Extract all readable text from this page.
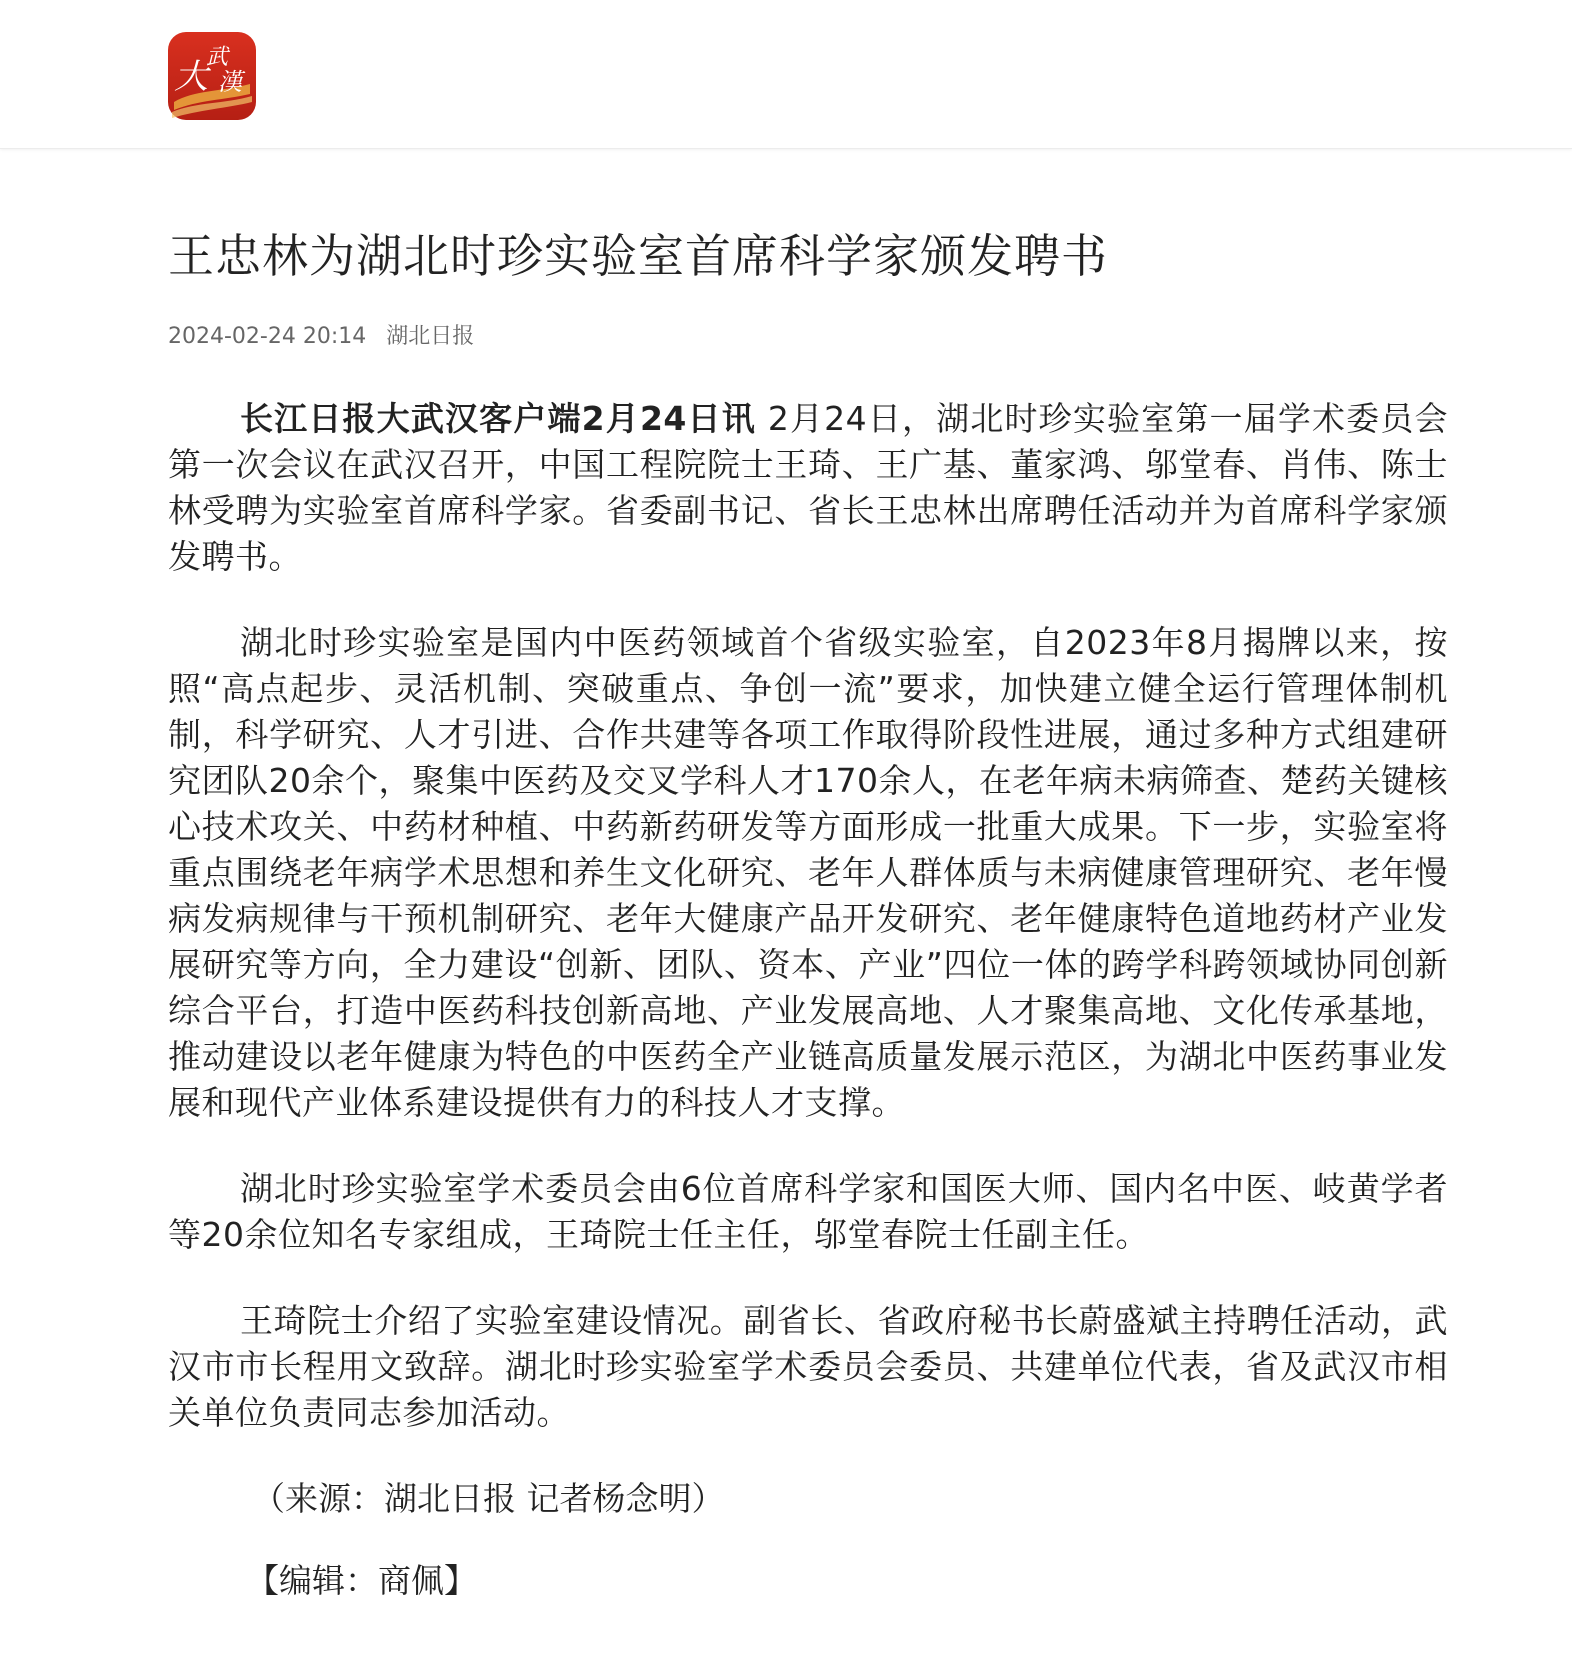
大
武
漢
王忠林为湖北时珍实验室首席科学家颁发聘书
2024-02-24 20:14 湖北日报

长江日报大武汉客户端2月24日讯 2月24日，湖北时珍实验室第一届学术委员会第一次会议在武汉召开，中国工程院院士王琦、王广基、董家鸿、邬堂春、肖伟、陈士林受聘为实验室首席科学家。省委副书记、省长王忠林出席聘任活动并为首席科学家颁发聘书。

湖北时珍实验室是国内中医药领域首个省级实验室，自2023年8月揭牌以来，按照“高点起步、灵活机制、突破重点、争创一流”要求，加快建立健全运行管理体制机制，科学研究、人才引进、合作共建等各项工作取得阶段性进展，通过多种方式组建研究团队20余个，聚集中医药及交叉学科人才170余人，在老年病未病筛查、楚药关键核心技术攻关、中药材种植、中药新药研发等方面形成一批重大成果。下一步，实验室将重点围绕老年病学术思想和养生文化研究、老年人群体质与未病健康管理研究、老年慢病发病规律与干预机制研究、老年大健康产品开发研究、老年健康特色道地药材产业发展研究等方向，全力建设“创新、团队、资本、产业”四位一体的跨学科跨领域协同创新综合平台，打造中医药科技创新高地、产业发展高地、人才聚集高地、文化传承基地，推动建设以老年健康为特色的中医药全产业链高质量发展示范区，为湖北中医药事业发展和现代产业体系建设提供有力的科技人才支撑。

湖北时珍实验室学术委员会由6位首席科学家和国医大师、国内名中医、岐黄学者等20余位知名专家组成，王琦院士任主任，邬堂春院士任副主任。

王琦院士介绍了实验室建设情况。副省长、省政府秘书长蔚盛斌主持聘任活动，武汉市市长程用文致辞。湖北时珍实验室学术委员会委员、共建单位代表，省及武汉市相关单位负责同志参加活动。

（来源：湖北日报 记者杨念明）
【编辑：商佩】
